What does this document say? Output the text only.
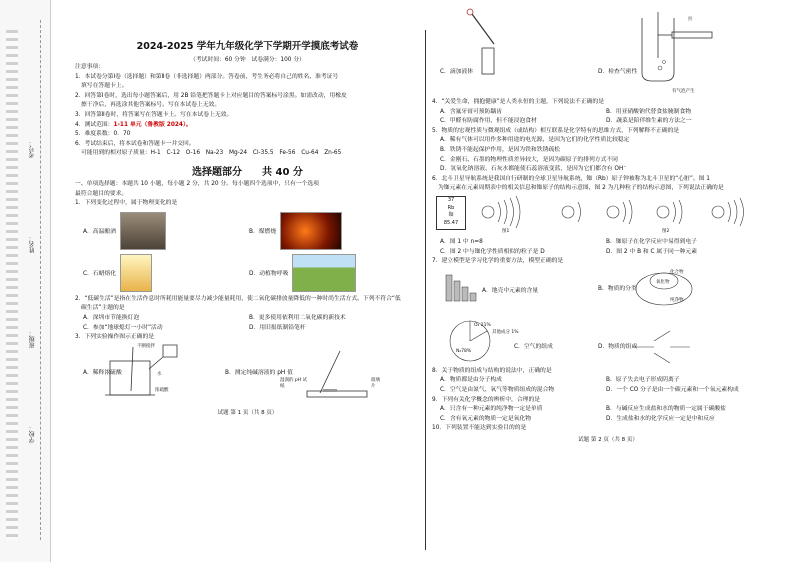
学校：
班级：
姓名：
考号：
2024-2025 学年九年级化学下学期开学摸底考试卷
（考试时间：60 分钟　试卷满分：100 分）
注意事项：
1．本试卷分第Ⅰ卷（选择题）和第Ⅱ卷（非选择题）两部分。答卷前，考生务必将自己的姓名、准考证号
填写在答题卡上。
2．回答第Ⅰ卷时，选出每小题答案后，用 2B 铅笔把答题卡上对应题目的答案标号涂黑。如需改动，用橡皮
擦干净后，再选涂其他答案标号。写在本试卷上无效。
3．回答第Ⅱ卷时，将答案写在答题卡上。写在本试卷上无效。
4．测试范围：1-11 单元（鲁教版 2024）。
5．难度系数：0．70
6．考试结束后，将本试卷和答题卡一并交回。
可能用到的相对原子质量：H-1　C-12　O-16　Na-23　Mg-24　Cl-35.5　Fe-56　Cu-64　Zn-65
选择题部分　　共 40 分
一、单项选择题：本题共 10 小题，每小题 2 分，共 20 分。每小题四个选项中，只有一个选项
最符合题目的要求。
1．下列变化过程中，属于物理变化的是
A．高温酿酒	B．煤燃烧
C．石蜡熔化	D．动植物呼吸
2．“低碳生活”是指在生活作息时所耗用能量要尽力减少能量耗用，使二氧化碳排放量降低的一种时尚生活方式。下列不符合“低
碳生活”主题的是
A．深圳市节能换灯泡	B．更多使用依利用二氧化碳的新技术
C．参加“地球熄灯一小时”活动	D．用旧报纸制铅笔杆
3．下列实验操作图示正确的是
不断搅拌
水
浓硫酸
湿润的 pH 试纸
玻璃片
A．稀释浓硫酸	B．测定纯碱溶液的 pH 值
试题 第 1 页（共 8 页）
C．滴加液体	D．检查气密性
拉
有气泡产生
4．“关爱生命，拥抱健康”是人类永恒的主题，下列说法不正确的是
A．含氟牙膏可预防龋齿	B．用亚硝酸钠代替食盐腌制食物
C．甲醛有防腐作用，但不能浸泡食材	D．蔬菜是陪伴维生素的方法之一
5．物质的宏观性质与微观组成（或结构）相互联系是化学特有的思维方式，下列解释不正确的是
A．稀有气体可以用作多种用途的电光源，是因为它们的化学性质比较稳定
B．铁锈不能起保护作用，是因为铁和铁锈疏松
C．金刚石、石墨的物理性质差异较大，是因为碳原子的排列方式不同
D．氢氧化钠溶液、石灰水都能使石蕊溶液变蓝，是因为它们都含有 OH⁻
6．北斗卫星导航系统是我国自行研制的全球卫星导航系统，铷（Rb）原子钟被称为北斗卫星的“心脏”。图 1
为铷元素在元素周期表中的相关信息和铷原子的结构示意图，图 2 为几种粒子的结构示意图，下列说法正确的是
37
Rb
铷
85.47
图1	图2
A．图 1 中 n=8	B．铷原子在化学反应中易得到电子
C．图 2 中与铷化学性质相似的粒子是 D	D．图 2 中 B 和 C 属于同一种元素
7．建立模型是学习化学的重要方法，模型正确的是
A．地壳中元素的含量
化合物
氧化物
纯净物
B．物质的分类
O₂ 21%
其他成分 1%
N₂78%
C．空气的组成	D．物质的组成
8．关于物质的组成与结构的说法中，正确的是
A．物质都是由分子构成	B．原子失去电子形成阴离子
C．空气是由氮气、氧气等物质组成的混合物	D．一个 CO 分子是由一个碳元素和一个氧元素构成
9．下列有关化学概念的辨析中，合理的是
A．只含有一种元素的纯净物一定是单质	B．与碱反应生成盐和水的物质一定属于碳酸盐
C．含有氧元素的物质一定是氧化物	D．生成盐和水的化学反应一定是中和反应
10．下列装置不能达到实验目的的是
试题 第 2 页（共 8 页）
